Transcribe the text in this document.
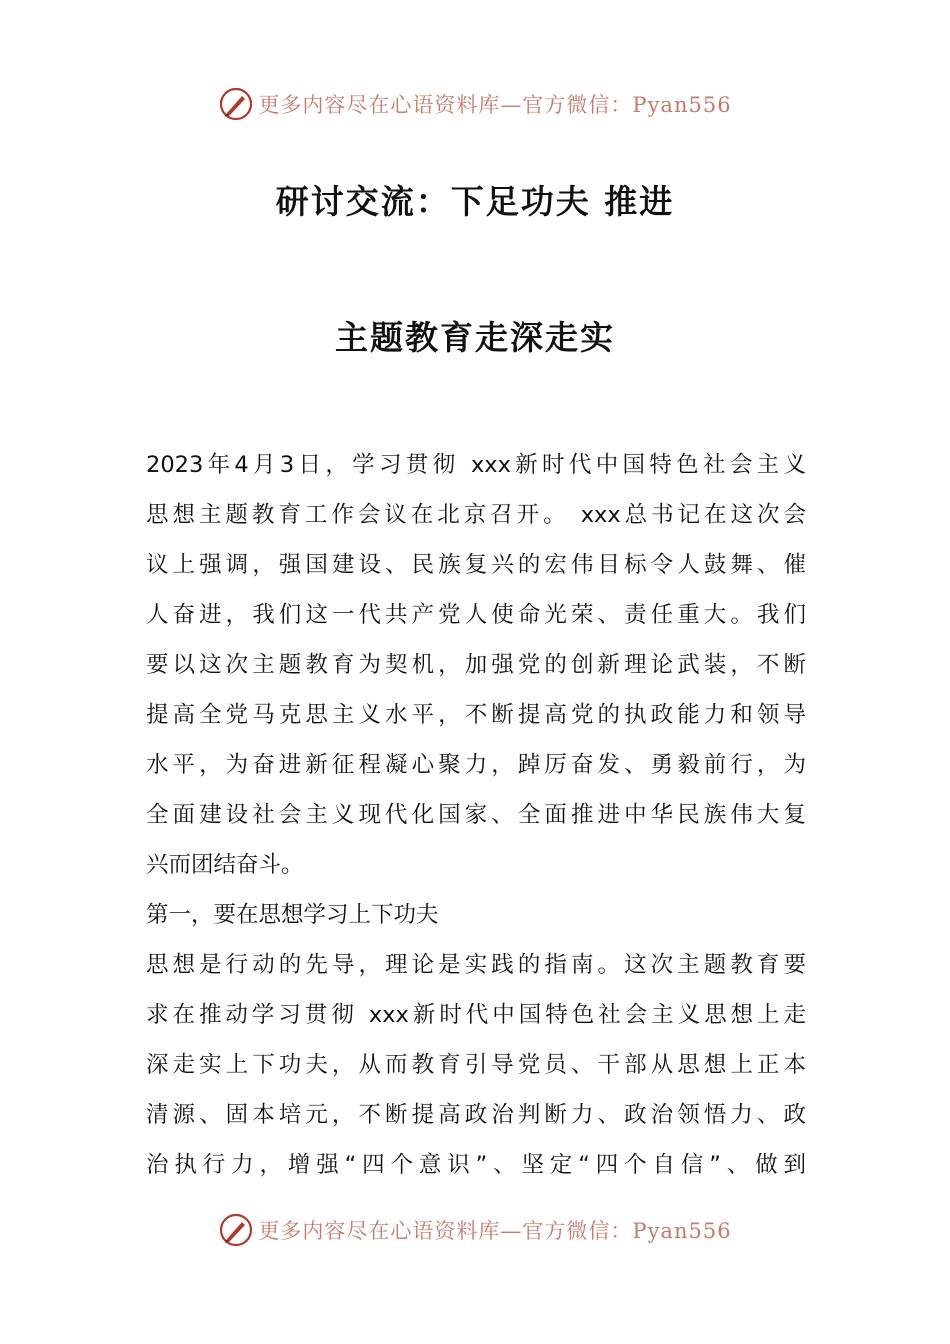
更多内容尽在心语资料库—官方微信：Pyan556
研讨交流：下足功夫 推进
主题教育走深走实
2023年4月3日，学习贯彻 xxx新时代中国特色社会主义
思想主题教育工作会议在北京召开。 xxx总书记在这次会
议上强调，强国建设、民族复兴的宏伟目标令人鼓舞、催
人奋进，我们这一代共产党人使命光荣、责任重大。我们
要以这次主题教育为契机，加强党的创新理论武装，不断
提高全党马克思主义水平，不断提高党的执政能力和领导
水平，为奋进新征程凝心聚力，踔厉奋发、勇毅前行，为
全面建设社会主义现代化国家、全面推进中华民族伟大复
兴而团结奋斗。
第一，要在思想学习上下功夫
思想是行动的先导，理论是实践的指南。这次主题教育要
求在推动学习贯彻 xxx新时代中国特色社会主义思想上走
深走实上下功夫，从而教育引导党员、干部从思想上正本
清源、固本培元，不断提高政治判断力、政治领悟力、政
治执行力，增强“四个意识”、坚定“四个自信”、做到
更多内容尽在心语资料库—官方微信：Pyan556
